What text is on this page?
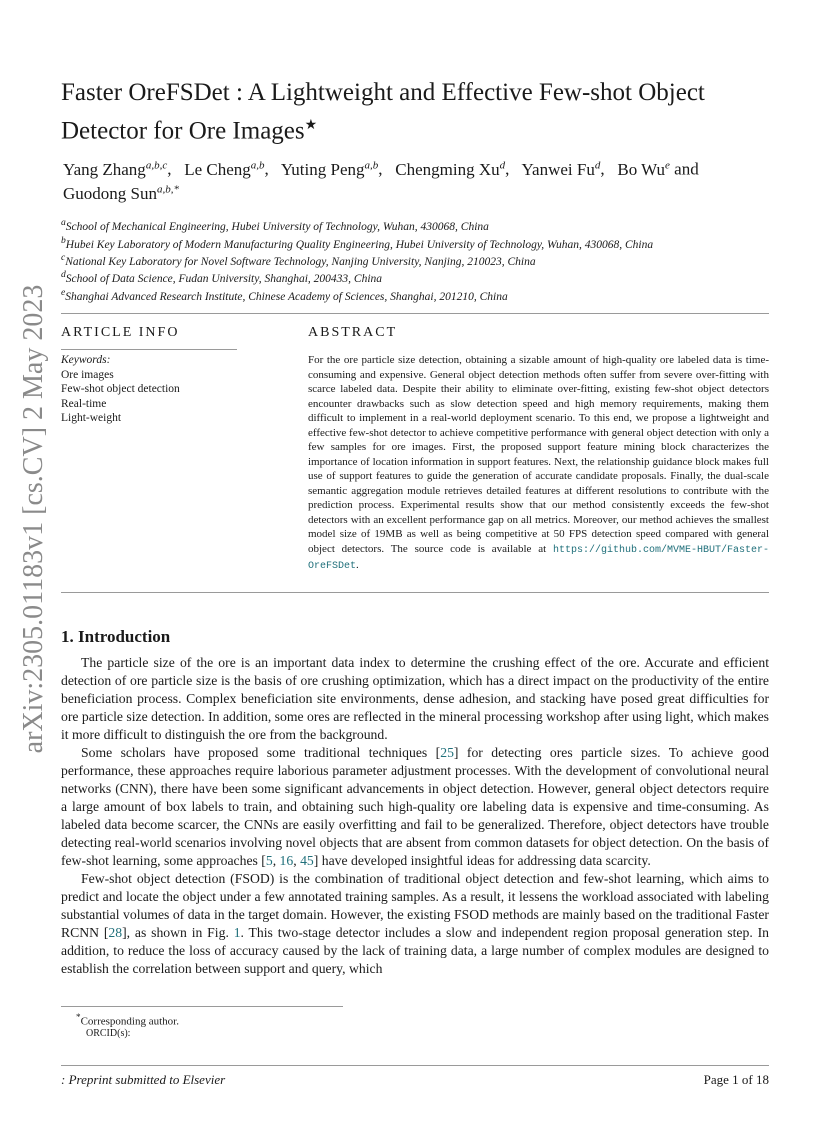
arXiv:2305.01183v1 [cs.CV] 2 May 2023
Faster OreFSDet : A Lightweight and Effective Few-shot Object Detector for Ore Images★
Yang Zhang$^{a,b,c}$,   Le Cheng$^{a,b}$,   Yuting Peng$^{a,b}$,   Chengming Xu$^d$,   Yanwei Fu$^d$,   Bo Wu$^e$ and
Guodong Sun$^{a,b,*}$
$^a$School of Mechanical Engineering, Hubei University of Technology, Wuhan, 430068, China
$^b$Hubei Key Laboratory of Modern Manufacturing Quality Engineering, Hubei University of Technology, Wuhan, 430068, China
$^c$National Key Laboratory for Novel Software Technology, Nanjing University, Nanjing, 210023, China
$^d$School of Data Science, Fudan University, Shanghai, 200433, China
$^e$Shanghai Advanced Research Institute, Chinese Academy of Sciences, Shanghai, 201210, China
ARTICLE INFO
Keywords:
Ore images
Few-shot object detection
Real-time
Light-weight
ABSTRACT
For the ore particle size detection, obtaining a sizable amount of high-quality ore labeled data is time-consuming and expensive. General object detection methods often suffer from severe over-fitting with scarce labeled data. Despite their ability to eliminate over-fitting, existing few-shot object detectors encounter drawbacks such as slow detection speed and high memory requirements, making them difficult to implement in a real-world deployment scenario. To this end, we propose a lightweight and effective few-shot detector to achieve competitive performance with general object detection with only a few samples for ore images. First, the proposed support feature mining block characterizes the importance of location information in support features. Next, the relationship guidance block makes full use of support features to guide the generation of accurate candidate proposals. Finally, the dual-scale semantic aggregation module retrieves detailed features at different resolutions to contribute with the prediction process. Experimental results show that our method consistently exceeds the few-shot detectors with an excellent performance gap on all metrics. Moreover, our method achieves the smallest model size of 19MB as well as being competitive at 50 FPS detection speed compared with general object detectors. The source code is available at https://github.com/MVME-HBUT/Faster-OreFSDet.
1. Introduction

The particle size of the ore is an important data index to determine the crushing effect of the ore. Accurate and efficient detection of ore particle size is the basis of ore crushing optimization, which has a direct impact on the productivity of the entire beneficiation process. Complex beneficiation site environments, dense adhesion, and stacking have posed great difficulties for ore particle size detection. In addition, some ores are reflected in the mineral processing workshop after using light, which makes it more difficult to distinguish the ore from the background.

Some scholars have proposed some traditional techniques [25] for detecting ores particle sizes. To achieve good performance, these approaches require laborious parameter adjustment processes. With the development of convolutional neural networks (CNN), there have been some significant advancements in object detection. However, general object detectors require a large amount of box labels to train, and obtaining such high-quality ore labeling data is expensive and time-consuming. As labeled data become scarcer, the CNNs are easily overfitting and fail to be generalized. Therefore, object detectors have trouble detecting real-world scenarios involving novel objects that are absent from common datasets for object detection. On the basis of few-shot learning, some approaches [5, 16, 45] have developed insightful ideas for addressing data scarcity.

Few-shot object detection (FSOD) is the combination of traditional object detection and few-shot learning, which aims to predict and locate the object under a few annotated training samples. As a result, it lessens the workload associated with labeling substantial volumes of data in the target domain. However, the existing FSOD methods are mainly based on the traditional Faster RCNN [28], as shown in Fig. 1. This two-stage detector includes a slow and independent region proposal generation step. In addition, to reduce the loss of accuracy caused by the lack of training data, a large number of complex modules are designed to establish the correlation between support and query, which

*Corresponding author.
ORCID(s):
: Preprint submitted to Elsevier	Page 1 of 18
